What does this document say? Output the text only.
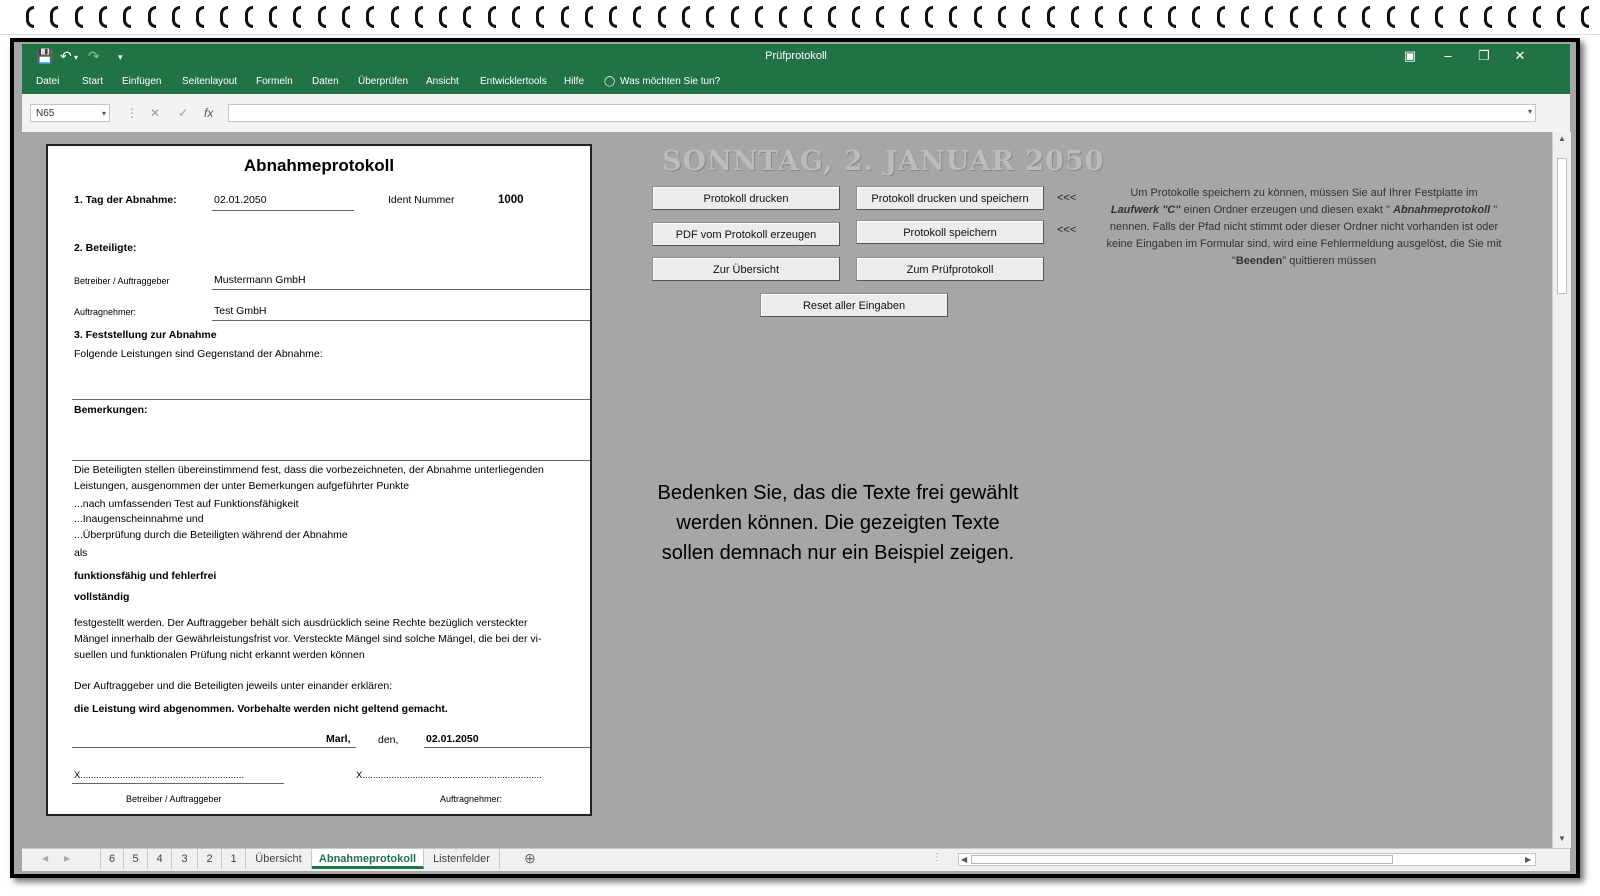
💾 ↶ ▾ ↷ ▾	Prüfprotokoll	▣	–	❐	✕
Datei Start Einfügen Seitenlayout Formeln Daten Überprüfen Ansicht Entwicklertools Hilfe ◯ Was möchten Sie tun?
N65	▾ ⋮ ✕ ✓ fx	▾
Abnahmeprotokoll
1. Tag der Abnahme:	02.01.2050	Ident Nummer	1000
2. Beteiligte:
Betreiber / Auftraggeber	Mustermann GmbH
Auftragnehmer:	Test GmbH
3. Feststellung zur Abnahme
Folgende Leistungen sind Gegenstand der Abnahme:
Bemerkungen:
Die Beteiligten stellen übereinstimmend fest, dass die vorbezeichneten, der Abnahme unterliegenden
Leistungen, ausgenommen der unter Bemerkungen aufgeführter Punkte
...nach umfassenden Test auf Funktionsfähigkeit
...Inaugenscheinnahme und
...Überprüfung durch die Beteiligten während der Abnahme
als
funktionsfähig und fehlerfrei
vollständig
festgestellt werden. Der Auftraggeber behält sich ausdrücklich seine Rechte bezüglich versteckter
Mängel innerhalb der Gewährleistungsfrist vor. Versteckte Mängel sind solche Mängel, die bei der vi-
suellen und funktionalen Prüfung nicht erkannt werden können
Der Auftraggeber und die Beteiligten jeweils unter einander erklären:
die Leistung wird abgenommen. Vorbehalte werden nicht geltend gemacht.
Marl,	den,	02.01.2050
X..............................................................	X....................................................................
Betreiber / Auftraggeber	Auftragnehmer:
SONNTAG, 2. JANUAR 2050
Protokoll drucken	Protokoll drucken und speichern	<<<
PDF vom Protokoll erzeugen	Protokoll speichern	<<<
Zur Übersicht	Zum Prüfprotokoll
Reset aller Eingaben
Um Protokolle speichern zu können, müssen Sie auf Ihrer Festplatte im
Laufwerk "C" einen Ordner erzeugen und diesen exakt " Abnahmeprotokoll " nennen. Falls der Pfad nicht stimmt oder dieser Ordner nicht vorhanden ist oder keine Eingaben im Formular sind, wird eine Fehlermeldung ausgelöst, die Sie mit "Beenden" quittieren müssen
Bedenken Sie, das die Texte frei gewählt werden können. Die gezeigten Texte sollen demnach nur ein Beispiel zeigen.
▲
▼
◀ ▶	6	5	4	3	2	1	Übersicht	Abnahmeprotokoll	Listenfelder	⊕	⋮ ◀	▶
